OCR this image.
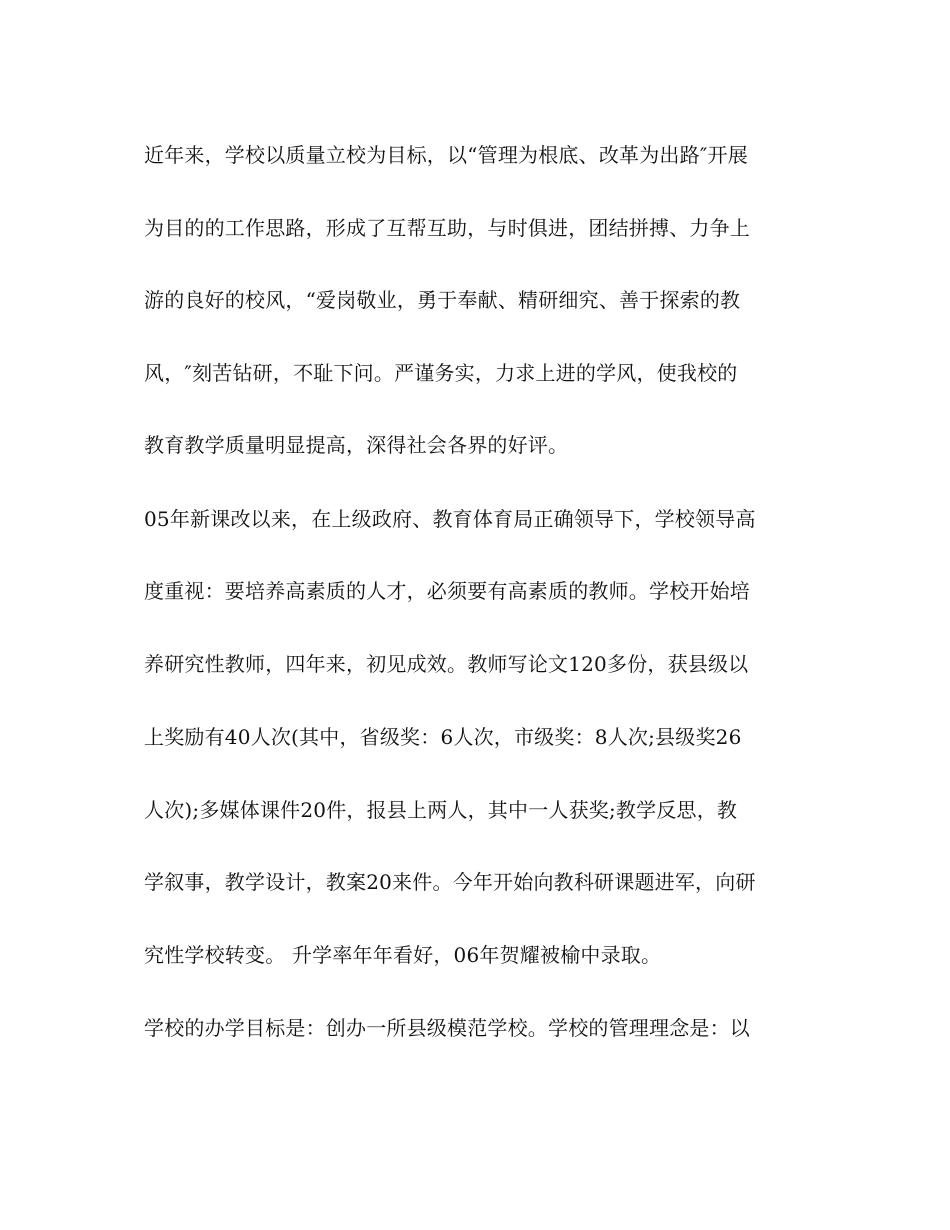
近年来，学校以质量立校为目标，以“管理为根底、改革为出路″开展
为目的的工作思路，形成了互帮互助，与时俱进，团结拼搏、力争上
游的良好的校风，“爱岗敬业，勇于奉献、精研细究、善于探索的教
风，″刻苦钻研，不耻下问。严谨务实，力求上进的学风，使我校的
教育教学质量明显提高，深得社会各界的好评。
05年新课改以来，在上级政府、教育体育局正确领导下，学校领导高
度重视：要培养高素质的人才，必须要有高素质的教师。学校开始培
养研究性教师，四年来，初见成效。教师写论文120多份，获县级以
上奖励有40人次(其中，省级奖：6人次，市级奖：8人次;县级奖26
人次);多媒体课件20件，报县上两人，其中一人获奖;教学反思，教
学叙事，教学设计，教案20来件。今年开始向教科研课题进军，向研
究性学校转变。 升学率年年看好，06年贺耀被榆中录取。
学校的办学目标是：创办一所县级模范学校。学校的管理理念是：以
